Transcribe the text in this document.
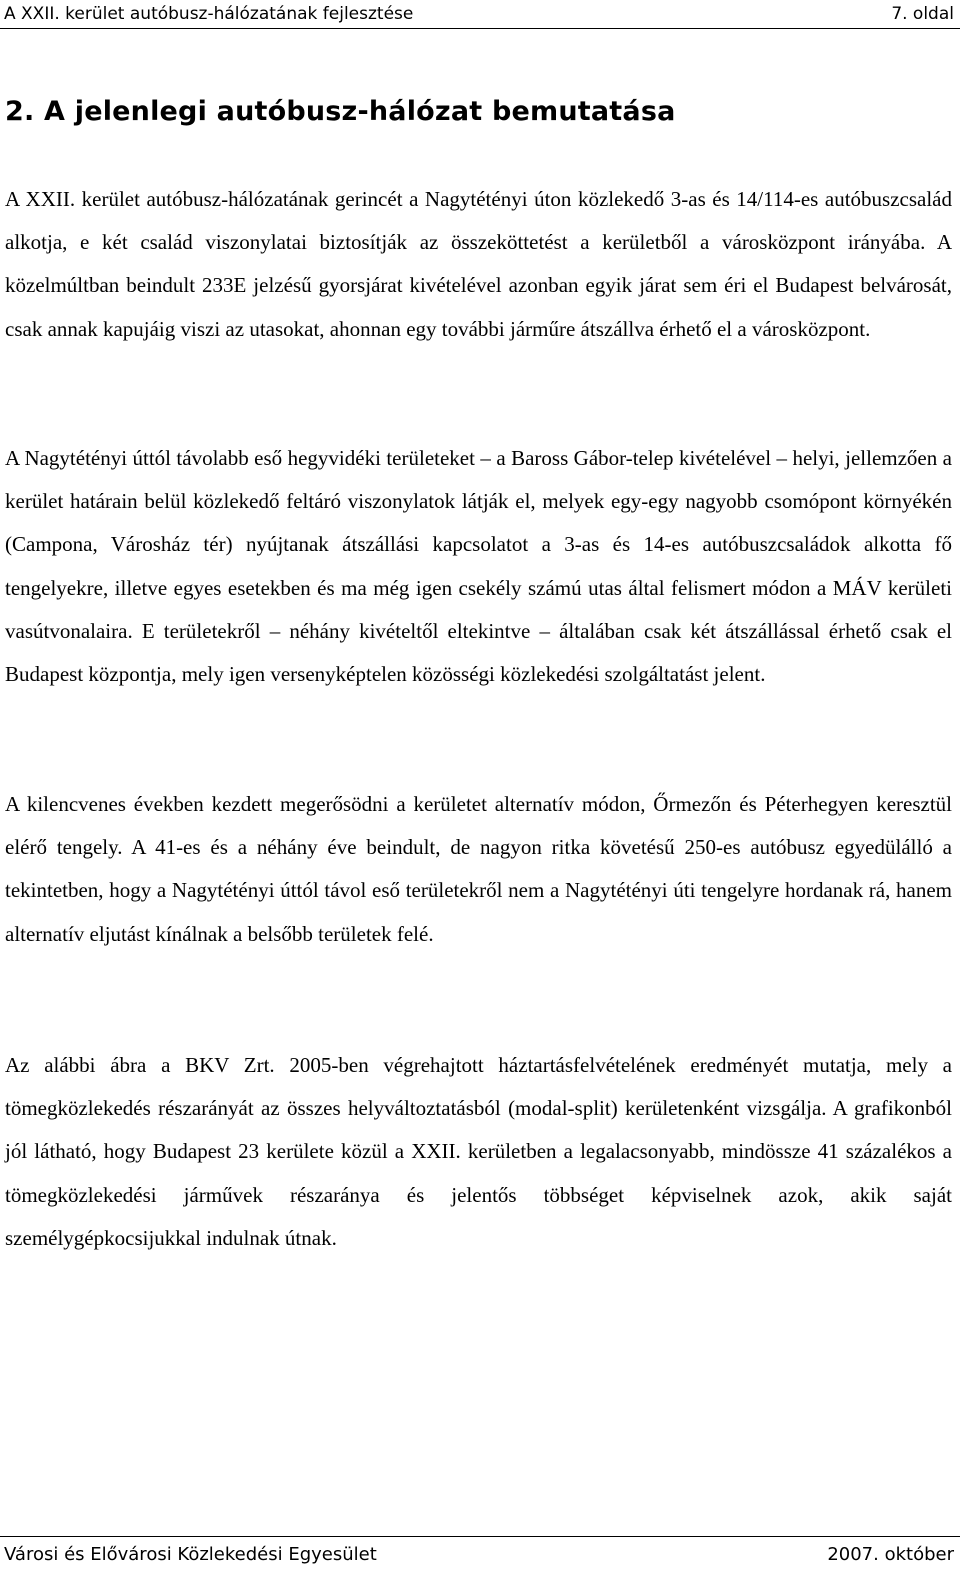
A XXII. kerület autóbusz-hálózatának fejlesztése	7. oldal
2. A jelenlegi autóbusz-hálózat bemutatása

A XXII. kerület autóbusz-hálózatának gerincét a Nagytétényi úton közlekedő 3-as és 14/114-es autóbuszcsalád alkotja, e két család viszonylatai biztosítják az összeköttetést a kerületből a városközpont irányába. A közelmúltban beindult 233E jelzésű gyorsjárat kivételével azonban egyik járat sem éri el Budapest belvárosát, csak annak kapujáig viszi az utasokat, ahonnan egy további járműre átszállva érhető el a városközpont.

A Nagytétényi úttól távolabb eső hegyvidéki területeket – a Baross Gábor-telep kivételével – helyi, jellemzően a kerület határain belül közlekedő feltáró viszonylatok látják el, melyek egy-egy nagyobb csomópont környékén (Campona, Városház tér) nyújtanak átszállási kapcsolatot a 3-as és 14-es autóbuszcsaládok alkotta fő tengelyekre, illetve egyes esetekben és ma még igen csekély számú utas által felismert módon a MÁV kerületi vasútvonalaira. E területekről – néhány kivételtől eltekintve – általában csak két átszállással érhető csak el Budapest központja, mely igen versenyképtelen közösségi közlekedési szolgáltatást jelent.

A kilencvenes években kezdett megerősödni a kerületet alternatív módon, Őrmezőn és Péterhegyen keresztül elérő tengely. A 41-es és a néhány éve beindult, de nagyon ritka követésű 250-es autóbusz egyedülálló a tekintetben, hogy a Nagytétényi úttól távol eső területekről nem a Nagytétényi úti tengelyre hordanak rá, hanem alternatív eljutást kínálnak a belsőbb területek felé.

Az alábbi ábra a BKV Zrt. 2005-ben végrehajtott háztartásfelvételének eredményét mutatja, mely a tömegközlekedés részarányát az összes helyváltoztatásból (modal-split) kerületenként vizsgálja. A grafikonból jól látható, hogy Budapest 23 kerülete közül a XXII. kerületben a legalacsonyabb, mindössze 41 százalékos a tömegközlekedési járművek részaránya és jelentős többséget képviselnek azok, akik saját személygépkocsijukkal indulnak útnak.

Városi és Elővárosi Közlekedési Egyesület	2007. október
